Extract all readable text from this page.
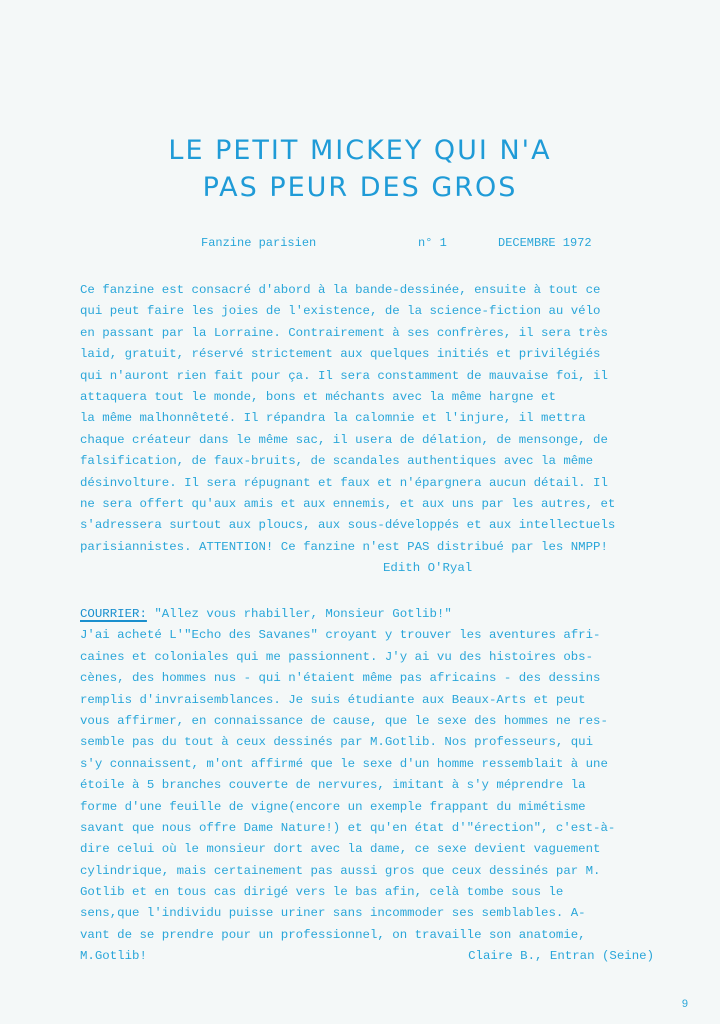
LE PETIT MICKEY QUI N'A
PAS PEUR DES GROS
Fanzine parisien	n° 1	DECEMBRE 1972
Ce fanzine est consacré d'abord à la bande-dessinée, ensuite à tout ce
qui peut faire les joies de l'existence, de la science-fiction au vélo
en passant par la Lorraine. Contrairement à ses confrères, il sera très
laid, gratuit, réservé strictement aux quelques initiés et privilégiés
qui n'auront rien fait pour ça. Il sera constamment de mauvaise foi, il
attaquera tout le monde, bons et méchants avec la même hargne et
la même malhonnêteté. Il répandra la calomnie et l'injure, il mettra
chaque créateur dans le même sac, il usera de délation, de mensonge, de
falsification, de faux-bruits, de scandales authentiques avec la même
désinvolture. Il sera répugnant et faux et n'épargnera aucun détail. Il
ne sera offert qu'aux amis et aux ennemis, et aux uns par les autres, et
s'adressera surtout aux ploucs, aux sous-développés et aux intellectuels
parisiannistes. ATTENTION! Ce fanzine n'est PAS distribué par les NMPP!
Edith O'Ryal
COURRIER: "Allez vous rhabiller, Monsieur Gotlib!"
J'ai acheté L'"Echo des Savanes" croyant y trouver les aventures afri-
caines et coloniales qui me passionnent. J'y ai vu des histoires obs-
cènes, des hommes nus - qui n'étaient même pas africains - des dessins
remplis d'invraisemblances. Je suis étudiante aux Beaux-Arts et peut
vous affirmer, en connaissance de cause, que le sexe des hommes ne res-
semble pas du tout à ceux dessinés par M.Gotlib. Nos professeurs, qui
s'y connaissent, m'ont affirmé que le sexe d'un homme ressemblait à une
étoile à 5 branches couverte de nervures, imitant à s'y méprendre la
forme d'une feuille de vigne(encore un exemple frappant du mimétisme
savant que nous offre Dame Nature!) et qu'en état d'"érection", c'est-à-
dire celui où le monsieur dort avec la dame, ce sexe devient vaguement
cylindrique, mais certainement pas aussi gros que ceux dessinés par M.
Gotlib et en tous cas dirigé vers le bas afin, celà tombe sous le
sens,que l'individu puisse uriner sans incommoder ses semblables. A-
vant de se prendre pour un professionnel, on travaille son anatomie,
M.Gotlib!	Claire B., Entran (Seine)
9
